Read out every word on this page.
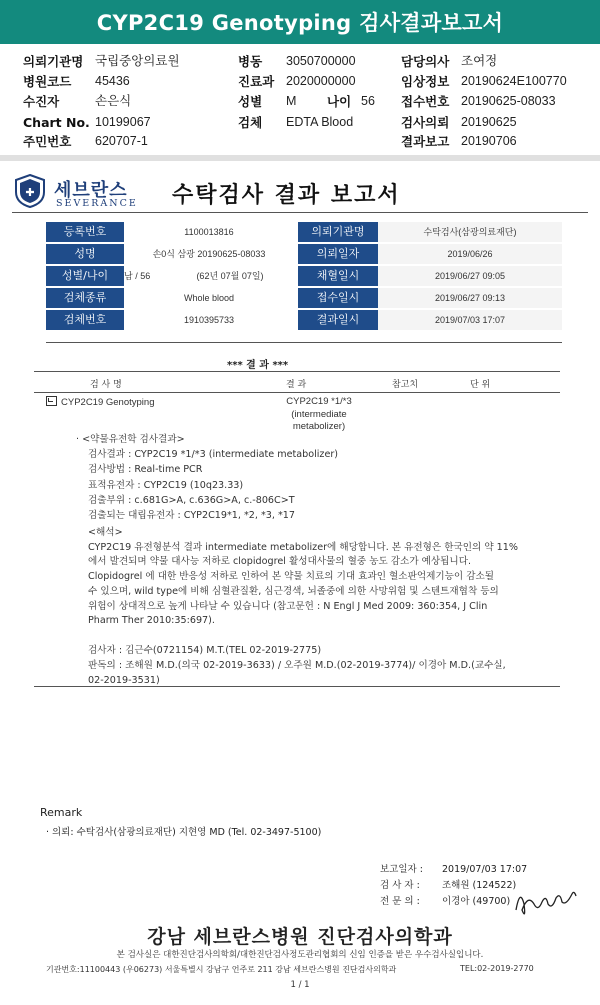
CYP2C19 Genotyping 검사결과보고서
의뢰기관명 국립중앙의료원	병동 3050700000	담당의사 조여정
병원코드 45436	진료과 2020000000	임상정보 20190624E100770
수진자	손은식	성별 M 나이 56 접수번호 20190625-08033
Chart No. 10199067	검체 EDTA Blood	검사의뢰 20190625
주민번호 620707-1	결과보고 20190706
✚ 세브란스
SEVERANCE 수탁검사 결과 보고서
등록번호	1100013816	의뢰기관명	수탁검사(삼광의료재단)
성명	손0식 삼광 20190625-08033	의뢰일자	2019/06/26
성별/나이	남 / 56	(62년 07월 07일)	채혈일시	2019/06/27 09:05
검체종류	Whole blood	접수일시	2019/06/27 09:13
검체번호	1910395733	결과일시	2019/07/03 17:07
*** 결 과 ***
검 사 명	결 과	참고치	단 위
CYP2C19 Genotyping	CYP2C19 *1/*3
(intermediate
metabolizer)
· <약물유전학 검사결과>
검사결과 : CYP2C19 *1/*3 (intermediate metabolizer)
검사방법 : Real-time PCR
표적유전자 : CYP2C19 (10q23.33)
검출부위 : c.681G>A, c.636G>A, c.-806C>T
검출되는 대립유전자 : CYP2C19*1, *2, *3, *17
<해석>
CYP2C19 유전형분석 결과 intermediate metabolizer에 해당합니다. 본 유전형은 한국인의 약 11%
에서 발견되며 약물 대사능 저하로 clopidogrel 활성대사물의 혈중 농도 감소가 예상됩니다.
Clopidogrel 에 대한 반응성 저하로 인하여 본 약물 치료의 기대 효과인 혈소판억제기능이 감소될
수 있으며, wild type에 비해 심혈관질환, 심근경색, 뇌졸중에 의한 사망위험 및 스텐트재협착 등의
위험이 상대적으로 높게 나타날 수 있습니다 (참고문헌 : N Engl J Med 2009: 360:354, J Clin
Pharm Ther 2010:35:697).
검사자 : 김근수(0721154) M.T.(TEL 02-2019-2775)
판독의 : 조해원 M.D.(의국 02-2019-3633) / 오주원 M.D.(02-2019-3774)/ 이경아 M.D.(교수실,
02-2019-3531)
Remark
· 의뢰: 수탁검사(삼광의료재단) 지현영 MD (Tel. 02-3497-5100)
보고일자 : 2019/07/03 17:07
검 사 자 : 조해원 (124522)
전 문 의 : 이경아 (49700)
강남 세브란스병원 진단검사의학과
본 검사실은 대한진단검사의학회/대한진단검사정도관리협회의 신임 인증을 받은 우수검사실입니다.
기관번호:11100443 (우06273) 서울특별시 강남구 언주로 211 강남 세브란스병원 진단검사의학과	TEL:02-2019-2770
1 / 1
